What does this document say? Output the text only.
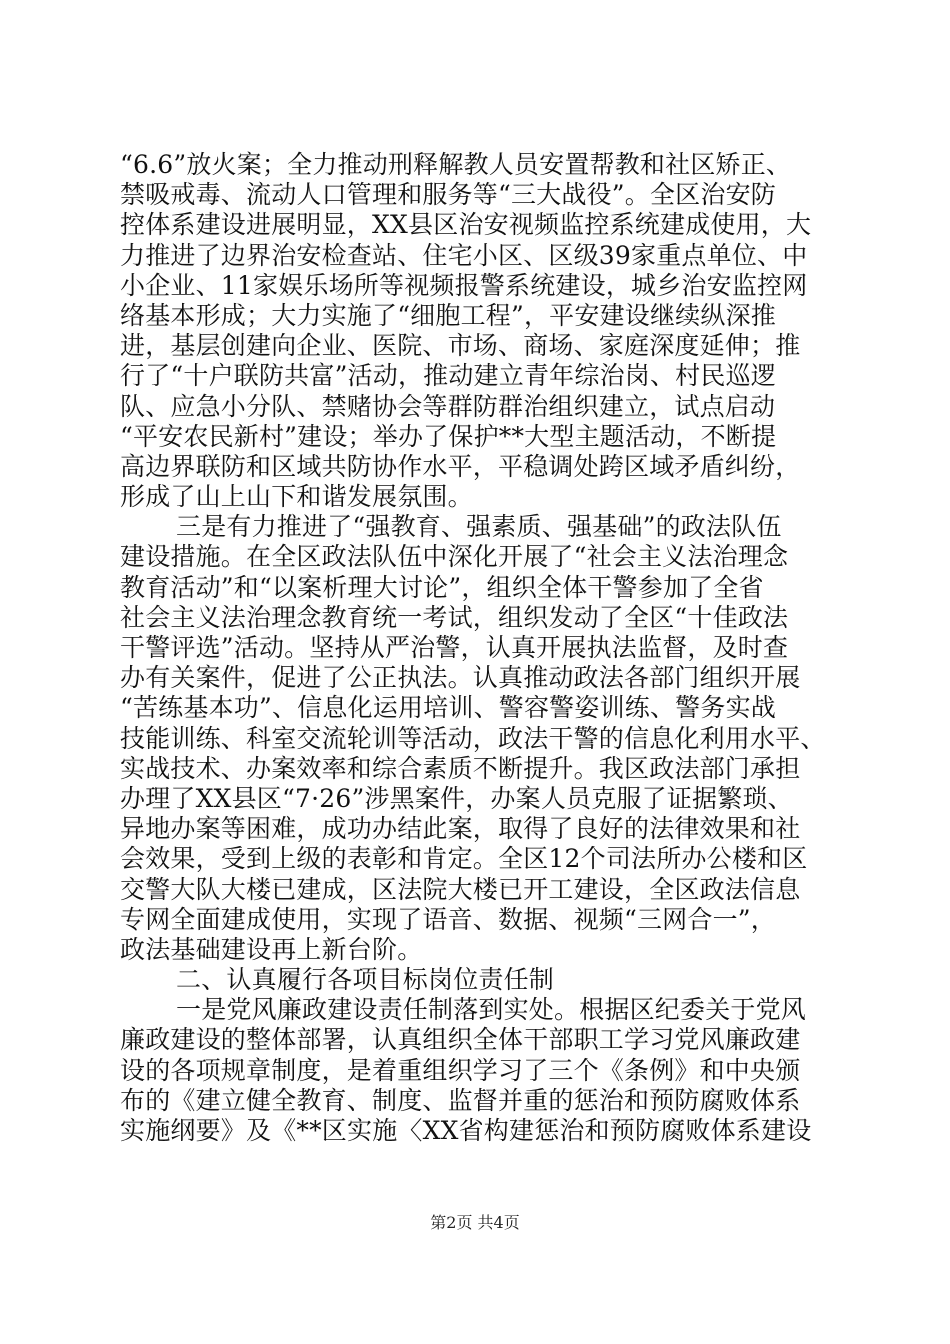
“6.6”放火案；全力推动刑释解教人员安置帮教和社区矫正、
禁吸戒毒、流动人口管理和服务等“三大战役”。全区治安防
控体系建设进展明显，XX县区治安视频监控系统建成使用，大
力推进了边界治安检查站、住宅小区、区级39家重点单位、中
小企业、11家娱乐场所等视频报警系统建设，城乡治安监控网
络基本形成；大力实施了“细胞工程”，平安建设继续纵深推
进，基层创建向企业、医院、市场、商场、家庭深度延伸；推
行了“十户联防共富”活动，推动建立青年综治岗、村民巡逻
队、应急小分队、禁赌协会等群防群治组织建立，试点启动
“平安农民新村”建设；举办了保护**大型主题活动，不断提
高边界联防和区域共防协作水平，平稳调处跨区域矛盾纠纷，
形成了山上山下和谐发展氛围。
三是有力推进了“强教育、强素质、强基础”的政法队伍
建设措施。在全区政法队伍中深化开展了“社会主义法治理念
教育活动”和“以案析理大讨论”，组织全体干警参加了全省
社会主义法治理念教育统一考试，组织发动了全区“十佳政法
干警评选”活动。坚持从严治警，认真开展执法监督，及时查
办有关案件，促进了公正执法。认真推动政法各部门组织开展
“苦练基本功”、信息化运用培训、警容警姿训练、警务实战
技能训练、科室交流轮训等活动，政法干警的信息化利用水平、
实战技术、办案效率和综合素质不断提升。我区政法部门承担
办理了XX县区“7·26”涉黑案件，办案人员克服了证据繁琐、
异地办案等困难，成功办结此案，取得了良好的法律效果和社
会效果，受到上级的表彰和肯定。全区12个司法所办公楼和区
交警大队大楼已建成，区法院大楼已开工建设，全区政法信息
专网全面建成使用，实现了语音、数据、视频“三网合一”，
政法基础建设再上新台阶。
二、认真履行各项目标岗位责任制
一是党风廉政建设责任制落到实处。根据区纪委关于党风
廉政建设的整体部署，认真组织全体干部职工学习党风廉政建
设的各项规章制度，是着重组织学习了三个《条例》和中央颁
布的《建立健全教育、制度、监督并重的惩治和预防腐败体系
实施纲要》及《**区实施〈XX省构建惩治和预防腐败体系建设
第2页 共4页
